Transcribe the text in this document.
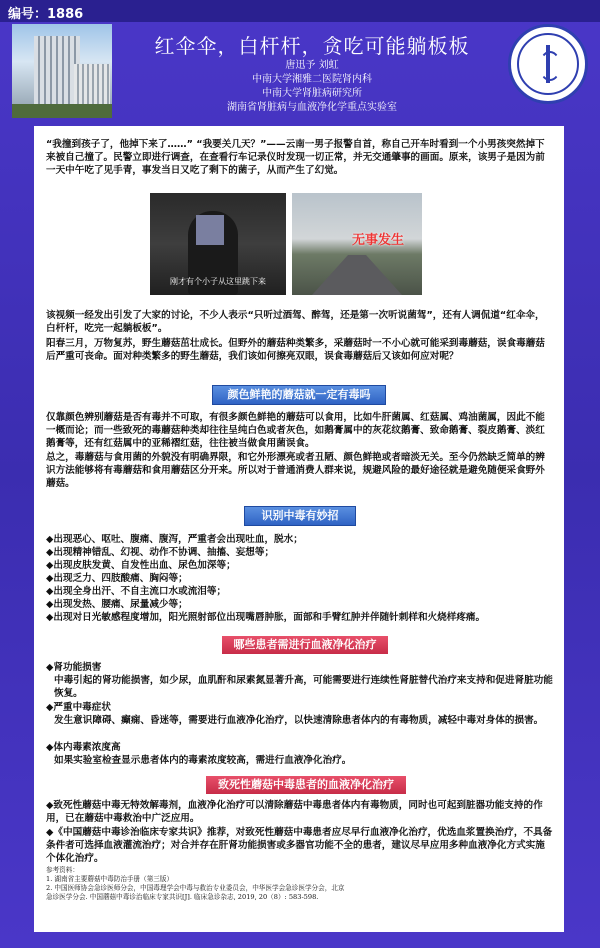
编号：1886
红伞伞，白杆杆，贪吃可能躺板板
唐迅予 刘虹
中南大学湘雅二医院肾内科
中南大学肾脏病研究所
湖南省肾脏病与血液净化学重点实验室
“我撞到孩子了，他掉下来了……” “我要关几天？”——云南一男子报警自首，称自己开车时看到一个小男孩突然掉下来被自己撞了。民警立即进行调查，在查看行车记录仪时发现一切正常，并无交通肇事的画面。原来，该男子是因为前一天中午吃了见手青，事发当日又吃了剩下的菌子，从而产生了幻觉。
刚才有个小子从这里跳下来
无事发生
该视频一经发出引发了大家的讨论，不少人表示“只听过酒驾、醉驾，还是第一次听说菌驾”，还有人调侃道“红伞伞，白杆杆，吃完一起躺板板”。
阳春三月，万物复苏，野生蘑菇茁壮成长。但野外的蘑菇种类繁多，采蘑菇时一不小心就可能采到毒蘑菇，误食毒蘑菇后严重可丧命。面对种类繁多的野生蘑菇，我们该如何擦亮双眼，误食毒蘑菇后又该如何应对呢？
颜色鲜艳的蘑菇就一定有毒吗
仅靠颜色辨别蘑菇是否有毒并不可取，有很多颜色鲜艳的蘑菇可以食用，比如牛肝菌属、红菇属、鸡油菌属，因此不能一概而论；而一些致死的毒蘑菇种类却往往呈纯白色或者灰色，如鹅膏属中的灰花纹鹅膏、致命鹅膏、裂皮鹅膏、淡红鹅膏等，还有红菇属中的亚稀褶红菇，往往被当做食用菌误食。
总之，毒蘑菇与食用菌的外貌没有明确界限，和它外形漂亮或者丑陋、颜色鲜艳或者暗淡无关。至今仍然缺乏简单的辨识方法能够将有毒蘑菇和食用蘑菇区分开来。所以对于普通消费人群来说，规避风险的最好途径就是避免随便采食野外蘑菇。
识别中毒有妙招
◆出现恶心、呕吐、腹痛、腹泻，严重者会出现吐血，脱水；
◆出现精神错乱、幻视、动作不协调、抽搐、妄想等；
◆出现皮肤发黄、自发性出血、尿色加深等；
◆出现乏力、四肢酸痛、胸闷等；
◆出现全身出汗、不自主流口水或流泪等；
◆出现发热、腰痛、尿量减少等；
◆出现对日光敏感程度增加，阳光照射部位出现嘴唇肿胀，面部和手臂红肿并伴随针刺样和火烧样疼痛。
哪些患者需进行血液净化治疗
◆肾功能损害
中毒引起的肾功能损害，如少尿，血肌酐和尿素氮显著升高，可能需要进行连续性肾脏替代治疗来支持和促进肾脏功能恢复。
◆严重中毒症状
发生意识障碍、癫痫、昏迷等，需要进行血液净化治疗，以快速清除患者体内的有毒物质，减轻中毒对身体的损害。
◆体内毒素浓度高
如果实验室检查显示患者体内的毒素浓度较高，需进行血液净化治疗。
致死性蘑菇中毒患者的血液净化治疗
◆致死性蘑菇中毒无特效解毒剂，血液净化治疗可以清除蘑菇中毒患者体内有毒物质，同时也可起到脏器功能支持的作用，已在蘑菇中毒救治中广泛应用。
◆《中国蘑菇中毒诊治临床专家共识》推荐，对致死性蘑菇中毒患者应尽早行血液净化治疗，优选血浆置换治疗，不具备条件者可选择血液灌流治疗；对合并存在肝肾功能损害或多器官功能不全的患者，建议尽早应用多种血液净化方式实施个体化治疗。
参考资料：
1. 湖南省主要蘑菇中毒防治手册（第三版）
2. 中国医师协会急诊医师分会，中国毒理学会中毒与救治专业委员会，中华医学会急诊医学分会，北京
急诊医学分会. 中国蘑菇中毒诊治临床专家共识[J]. 临床急诊杂志, 2019, 20（8）: 583-598.
